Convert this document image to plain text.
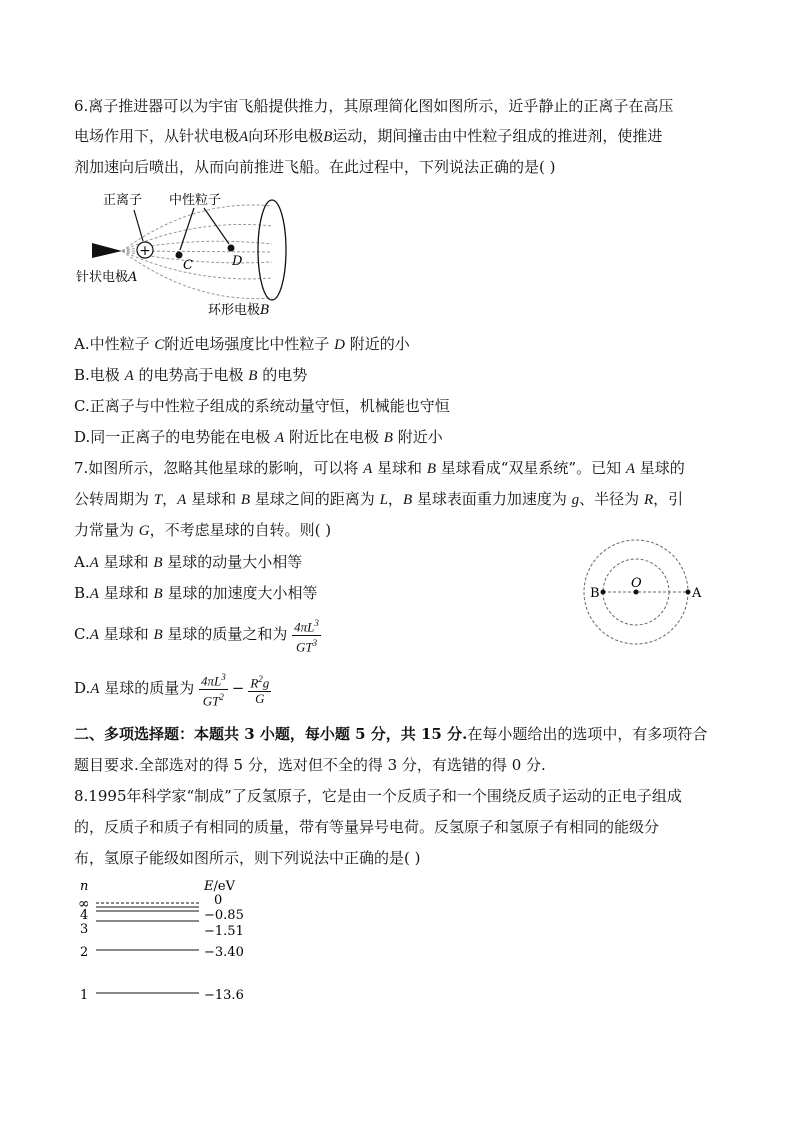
6.离子推进器可以为宇宙飞船提供推力，其原理简化图如图所示，近乎静止的正离子在高压
电场作用下，从针状电极A向环形电极B运动，期间撞击由中性粒子组成的推进剂，使推进
剂加速向后喷出，从而向前推进飞船。在此过程中，下列说法正确的是( )
+
正离子 中性粒子
C	D
针状电极A
环形电极B
A.中性粒子 C附近电场强度比中性粒子 D 附近的小
B.电极 A 的电势高于电极 B 的电势
C.正离子与中性粒子组成的系统动量守恒，机械能也守恒
D.同一正离子的电势能在电极 A 附近比在电极 B 附近小
7.如图所示，忽略其他星球的影响，可以将 A 星球和 B 星球看成“双星系统”。已知 A 星球的
公转周期为 T，A 星球和 B 星球之间的距离为 L，B 星球表面重力加速度为 g、半径为 R，引
力常量为 G，不考虑星球的自转。则( )
A.A 星球和 B 星球的动量大小相等
B.A 星球和 B 星球的加速度大小相等
C.A 星球和 B 星球的质量之和为 $\frac{4\pi L^3}{GT^3}$
D.A 星球的质量为 $\frac{4\pi L^3}{GT^2} - \frac{R^2g}{G}$
B
O
A
二、多项选择题：本题共 3 小题，每小题 5 分，共 15 分.在每小题给出的选项中，有多项符合
题目要求.全部选对的得 5 分，选对但不全的得 3 分，有选错的得 0 分.
8.1995年科学家“制成”了反氢原子，它是由一个反质子和一个围绕反质子运动的正电子组成
的，反质子和质子有相同的质量，带有等量异号电荷。反氢原子和氢原子有相同的能级分
布，氢原子能级如图所示，则下列说法中正确的是( )
n	E/eV
∞	0
4	−0.85
3	−1.51
2	−3.40
1	−13.6
